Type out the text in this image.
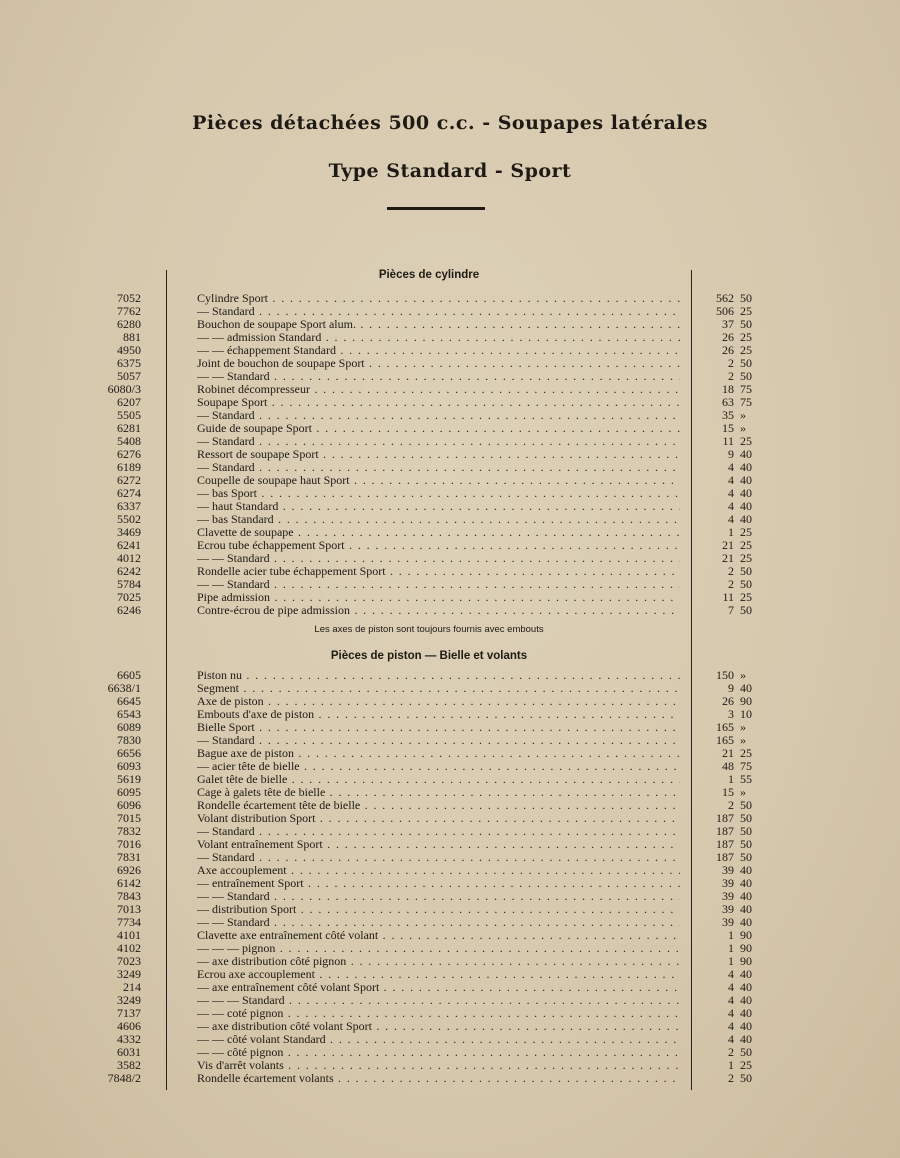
Pièces détachées 500 c.c. - Soupapes latérales
Type Standard - Sport
Pièces de cylindre
7052	Cylindre Sport . . .	562 50
7762	— Standard . . .	506 25
6280	Bouchon de soupape Sport alum. . . .	37 50
881	— — admission Standard . . .	26 25
4950	— — échappement Standard . . .	26 25
6375	Joint de bouchon de soupape Sport . . .	2 50
5057	— — Standard . . .	2 50
6080/3	Robinet décompresseur . . .	18 75
6207	Soupape Sport . . .	63 75
5505	— Standard . . .	35 »
6281	Guide de soupape Sport . . .	15 »
5408	— Standard . . .	11 25
6276	Ressort de soupape Sport . . .	9 40
6189	— Standard . . .	4 40
6272	Coupelle de soupape haut Sport . . .	4 40
6274	— bas Sport . . .	4 40
6337	— haut Standard . . .	4 40
5502	— bas Standard . . .	4 40
3469	Clavette de soupape . . .	1 25
6241	Ecrou tube échappement Sport . . .	21 25
4012	— — Standard . . .	21 25
6242	Rondelle acier tube échappement Sport . . .	2 50
5784	— — Standard . . .	2 50
7025	Pipe admission . . .	11 25
6246	Contre-écrou de pipe admission . . .	7 50
Les axes de piston sont toujours fournis avec embouts
Pièces de piston — Bielle et volants
6605	Piston nu . . .	150 »
6638/1	Segment . . .	9 40
6645	Axe de piston . . .	26 90
6543	Embouts d'axe de piston . . .	3 10
6089	Bielle Sport . . .	165 »
7830	— Standard . . .	165 »
6656	Bague axe de piston . . .	21 25
6093	— acier tête de bielle . . .	48 75
5619	Galet tête de bielle . . .	1 55
6095	Cage à galets tête de bielle . . .	15 »
6096	Rondelle écartement tête de bielle . . .	2 50
7015	Volant distribution Sport . . .	187 50
7832	— Standard . . .	187 50
7016	Volant entraînement Sport . . .	187 50
7831	— Standard . . .	187 50
6926	Axe accouplement . . .	39 40
6142	— entraînement Sport . . .	39 40
7843	— — Standard . . .	39 40
7013	— distribution Sport . . .	39 40
7734	— — Standard . . .	39 40
4101	Clavette axe entraînement côté volant . . .	1 90
4102	— — — pignon . . .	1 90
7023	— axe distribution côté pignon . . .	1 90
3249	Ecrou axe accouplement . . .	4 40
214	— axe entraînement côté volant Sport . . .	4 40
3249	— — — Standard . . .	4 40
7137	— — coté pignon . . .	4 40
4606	— axe distribution côté volant Sport . . .	4 40
4332	— — côté volant Standard . . .	4 40
6031	— — côté pignon . . .	2 50
3582	Vis d'arrêt volants . . .	1 25
7848/2	Rondelle écartement volants . . .	2 50
